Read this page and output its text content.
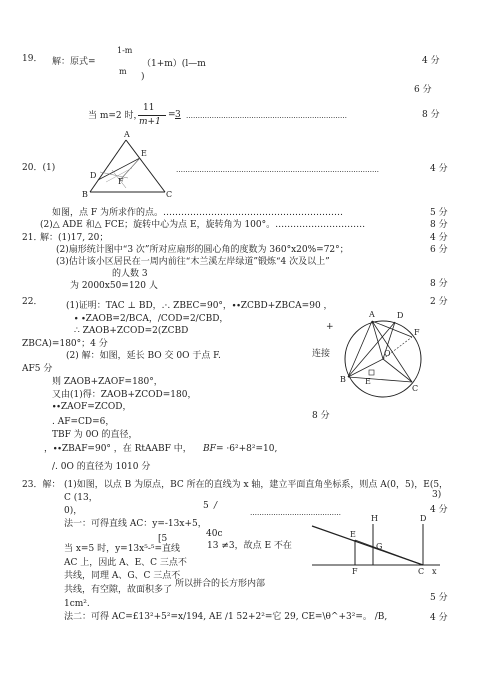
19． 解：原式=
1-m
m
（1+m）(l—m
)
4 分
6 分
当 m=2 时，
11
m+1
= 3 ……………………………………………………………	8 分
20．(1)
A
B	C
D
E
F
……………………………………………………………………………	4 分
如图，点 F 为所求作的点。……………………………………………………	5 分
(2)△ ADE 和△ FCE；旋转中心为点 E，旋转角为 100°。…………………………	8 分
21．
解：(1)17, 20；	4 分
(2)扇形统计图中“3 次”所对应扇形的圆心角的度数为 360°x20%=72°；	6 分
(3)估计该小区居民在一周内前往“木兰溪左岸绿道”锻炼“4 次及以上”
的人数 3
为 2000x50=120 人	8 分
22．	(1)证明：TAC ⊥ BD，.·. ZBEC=90°，∙∙ZCBD+ZBCA=90 ，	2 分
∙ ∙ZAOB=2/BCA，/COD=2/CBD，
∴ ZAOB+ZCOD=2(ZCBD
ZBCA)=180°；4 分
(2) 解：如图，延长 BO 交 0O 于点 F.	连接
AF5 分
则 ZAOB+ZAOF=180°，
又由(1)得：ZAOB+ZCOD=180，
∙∙ZAOF=ZCOD，
. AF=CD=6，
8 分
TBF 为 0O 的直径，
，∙∙ZBAF=90° ，在 RtAABF 中， BF = ·6²+8²=10,
/. 0O 的直径为 1010 分
+
A
B
C
D
F
O
E
23．解： (1)如图，以点 B 为原点，BC 所在的直线为 x 轴，建立平面直角坐标系，则点 A(0，5)，E(5，
C (13，	3)
0)，	…………………………………	4 分
5 /
法一：可得直线 AC：y=-13x+5，
40c
[5
当 x=5 时，y=13x⁵-⁵=直线	13 ≠3，故点 E 不在
AC 上，因此 A、E、C 三点不
共线，同理 A、G、C 三点不
共线，有空隙，故面积多了
所以拼合的长方形内部
1cm².
5 分
法二：可得 AC=£13²+5²=x/194, AE ∕1 52+2²=它 29, CE=\θ^+3²=。 /B,	4 分
E
H
G
D
F	C x
